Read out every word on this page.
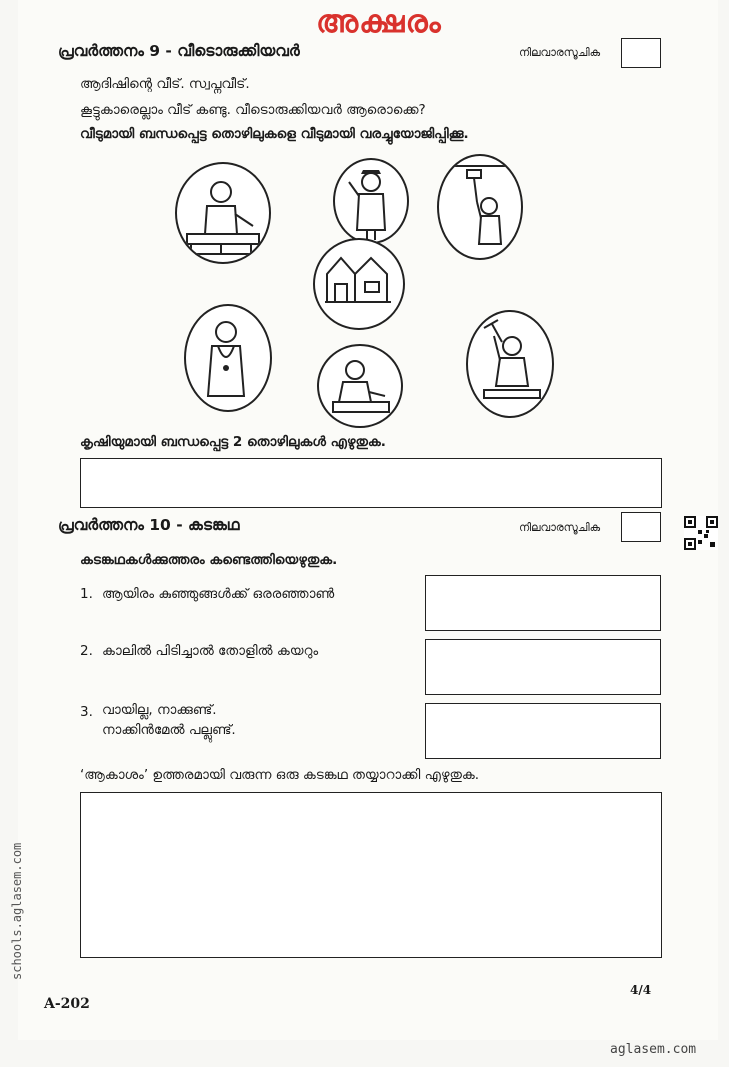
അക്ഷരം
പ്രവർത്തനം 9 - വീടൊരുക്കിയവർ	നിലവാരസൂചിക
ആദിഷിന്റെ വീട്. സ്വപ്നവീട്.
കൂട്ടുകാരെല്ലാം വീട് കണ്ടു. വീടൊരുക്കിയവർ ആരൊക്കെ?
വീടുമായി ബന്ധപ്പെട്ട തൊഴിലുകളെ വീടുമായി വരച്ചുയോജിപ്പിക്കൂ.
കൃഷിയുമായി ബന്ധപ്പെട്ട 2 തൊഴിലുകൾ എഴുതുക.
പ്രവർത്തനം 10 - കടങ്കഥ	നിലവാരസൂചിക
കടങ്കഥകൾക്കുത്തരം കണ്ടെത്തിയെഴുതുക.
1. ആയിരം കുഞ്ഞുങ്ങൾക്ക് ഒരരഞ്ഞാൺ
2. കാലിൽ പിടിച്ചാൽ തോളിൽ കയറും
3. വായില്ല, നാക്കുണ്ട്.
നാക്കിൻമേൽ പല്ലുണ്ട്.
‘ആകാശം’ ഉത്തരമായി വരുന്ന ഒരു കടങ്കഥ തയ്യാറാക്കി എഴുതുക.
A-202
4/4
schools.aglasem.com
aglasem.com
